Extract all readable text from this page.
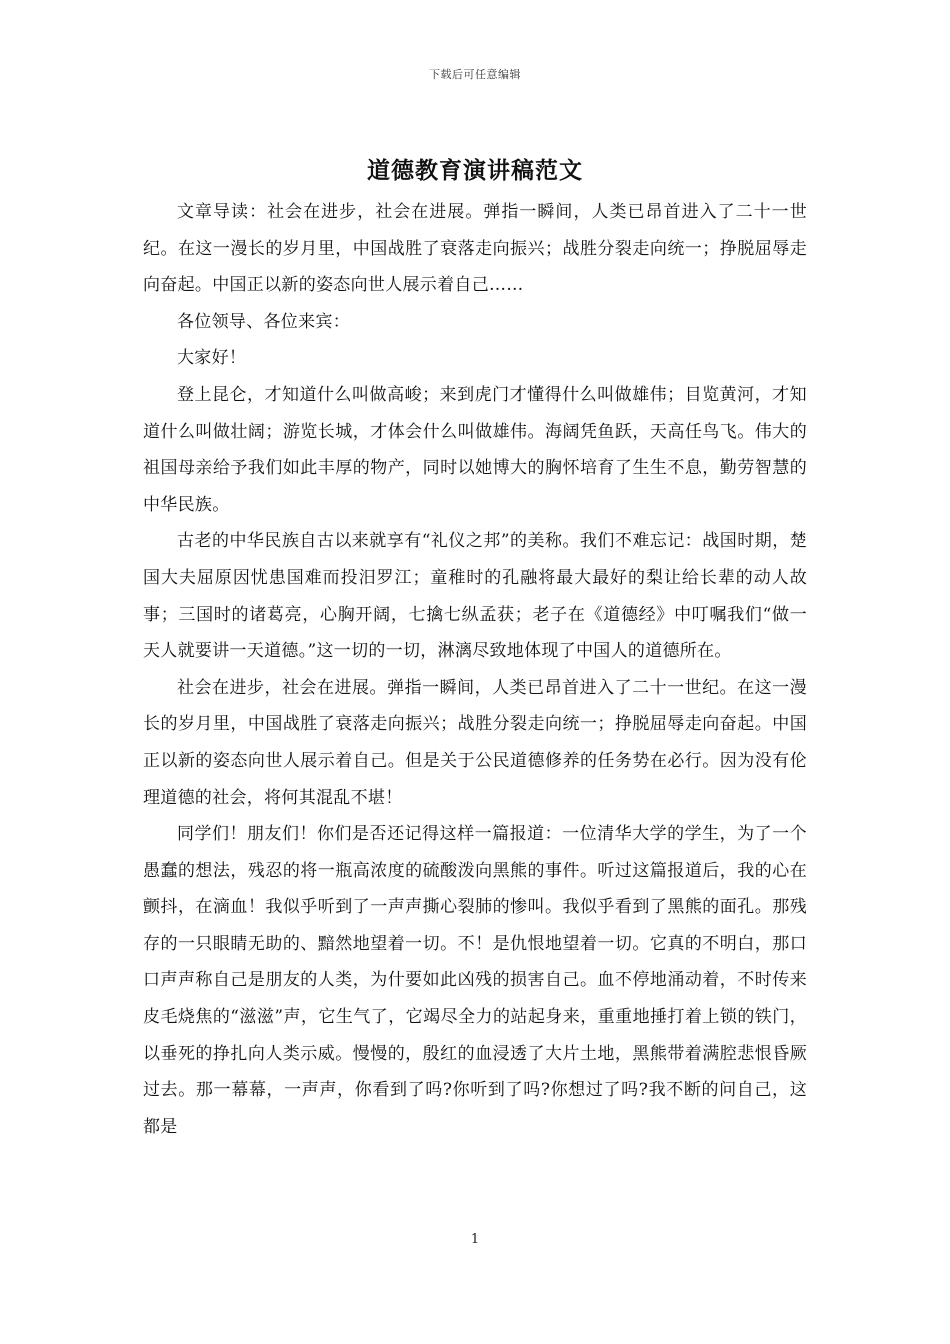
下载后可任意编辑
道德教育演讲稿范文

文章导读：社会在进步，社会在进展。弹指一瞬间，人类已昂首进入了二十一世纪。在这一漫长的岁月里，中国战胜了衰落走向振兴；战胜分裂走向统一；挣脱屈辱走向奋起。中国正以新的姿态向世人展示着自己……

各位领导、各位来宾：

大家好！

登上昆仑，才知道什么叫做高峻；来到虎门才懂得什么叫做雄伟；目览黄河，才知道什么叫做壮阔；游览长城，才体会什么叫做雄伟。海阔凭鱼跃，天高任鸟飞。伟大的祖国母亲给予我们如此丰厚的物产，同时以她博大的胸怀培育了生生不息，勤劳智慧的中华民族。

古老的中华民族自古以来就享有“礼仪之邦”的美称。我们不难忘记：战国时期，楚国大夫屈原因忧患国难而投汨罗江；童稚时的孔融将最大最好的梨让给长辈的动人故事；三国时的诸葛亮，心胸开阔，七擒七纵孟获；老子在《道德经》中叮嘱我们“做一天人就要讲一天道德。”这一切的一切，淋漓尽致地体现了中国人的道德所在。

社会在进步，社会在进展。弹指一瞬间，人类已昂首进入了二十一世纪。在这一漫长的岁月里，中国战胜了衰落走向振兴；战胜分裂走向统一；挣脱屈辱走向奋起。中国正以新的姿态向世人展示着自己。但是关于公民道德修养的任务势在必行。因为没有伦理道德的社会，将何其混乱不堪！

同学们！朋友们！你们是否还记得这样一篇报道：一位清华大学的学生，为了一个愚蠢的想法，残忍的将一瓶高浓度的硫酸泼向黑熊的事件。听过这篇报道后，我的心在颤抖，在滴血！我似乎听到了一声声撕心裂肺的惨叫。我似乎看到了黑熊的面孔。那残存的一只眼睛无助的、黯然地望着一切。不！是仇恨地望着一切。它真的不明白，那口口声声称自己是朋友的人类，为什要如此凶残的损害自己。血不停地涌动着，不时传来皮毛烧焦的“滋滋”声，它生气了，它竭尽全力的站起身来，重重地捶打着上锁的铁门，以垂死的挣扎向人类示威。慢慢的，殷红的血浸透了大片土地，黑熊带着满腔悲恨昏厥过去。那一幕幕，一声声，你看到了吗?你听到了吗?你想过了吗?我不断的问自己，这都是

1
